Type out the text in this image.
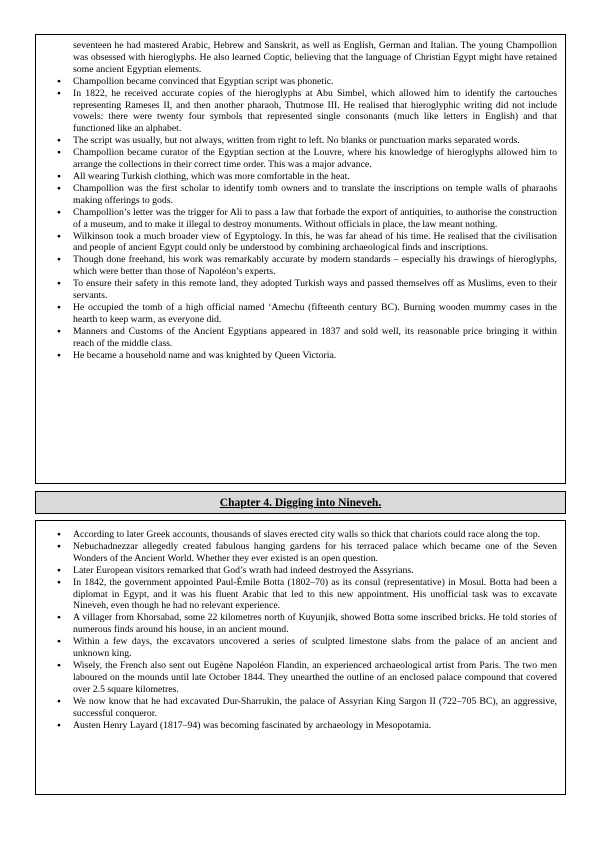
seventeen he had mastered Arabic, Hebrew and Sanskrit, as well as English, German and Italian. The young Champollion was obsessed with hieroglyphs. He also learned Coptic, believing that the language of Christian Egypt might have retained some ancient Egyptian elements.
● Champollion became convinced that Egyptian script was phonetic.
● In 1822, he received accurate copies of the hieroglyphs at Abu Simbel, which allowed him to identify the cartouches representing Rameses II, and then another pharaoh, Thutmose III. He realised that hieroglyphic writing did not include vowels: there were twenty four symbols that represented single consonants (much like letters in English) and that functioned like an alphabet.
● The script was usually, but not always, written from right to left. No blanks or punctuation marks separated words.
● Champollion became curator of the Egyptian section at the Louvre, where his knowledge of hieroglyphs allowed him to arrange the collections in their correct time order. This was a major advance.
● All wearing Turkish clothing, which was more comfortable in the heat.
● Champollion was the first scholar to identify tomb owners and to translate the inscriptions on temple walls of pharaohs making offerings to gods.
● Champollion’s letter was the trigger for Ali to pass a law that forbade the export of antiquities, to authorise the construction of a museum, and to make it illegal to destroy monuments. Without officials in place, the law meant nothing.
● Wilkinson took a much broader view of Egyptology. In this, he was far ahead of his time. He realised that the civilisation and people of ancient Egypt could only be understood by combining archaeological finds and inscriptions.
● Though done freehand, his work was remarkably accurate by modern standards – especially his drawings of hieroglyphs, which were better than those of Napoléon’s experts.
● To ensure their safety in this remote land, they adopted Turkish ways and passed themselves off as Muslims, even to their servants.
● He occupied the tomb of a high official named ‘Amechu (fifteenth century BC). Burning wooden mummy cases in the hearth to keep warm, as everyone did.
● Manners and Customs of the Ancient Egyptians appeared in 1837 and sold well, its reasonable price bringing it within reach of the middle class.
● He became a household name and was knighted by Queen Victoria.
Chapter 4. Digging into Nineveh.
● According to later Greek accounts, thousands of slaves erected city walls so thick that chariots could race along the top.
● Nebuchadnezzar allegedly created fabulous hanging gardens for his terraced palace which became one of the Seven Wonders of the Ancient World. Whether they ever existed is an open question.
● Later European visitors remarked that God’s wrath had indeed destroyed the Assyrians.
● In 1842, the government appointed Paul-Émile Botta (1802–70) as its consul (representative) in Mosul. Botta had been a diplomat in Egypt, and it was his fluent Arabic that led to this new appointment. His unofficial task was to excavate Nineveh, even though he had no relevant experience.
● A villager from Khorsabad, some 22 kilometres north of Kuyunjik, showed Botta some inscribed bricks. He told stories of numerous finds around his house, in an ancient mound.
● Within a few days, the excavators uncovered a series of sculpted limestone slabs from the palace of an ancient and unknown king.
● Wisely, the French also sent out Eugène Napoléon Flandin, an experienced archaeological artist from Paris. The two men laboured on the mounds until late October 1844. They unearthed the outline of an enclosed palace compound that covered over 2.5 square kilometres.
● We now know that he had excavated Dur-Sharrukin, the palace of Assyrian King Sargon II (722–705 BC), an aggressive, successful conqueror.
● Austen Henry Layard (1817–94) was becoming fascinated by archaeology in Mesopotamia.
